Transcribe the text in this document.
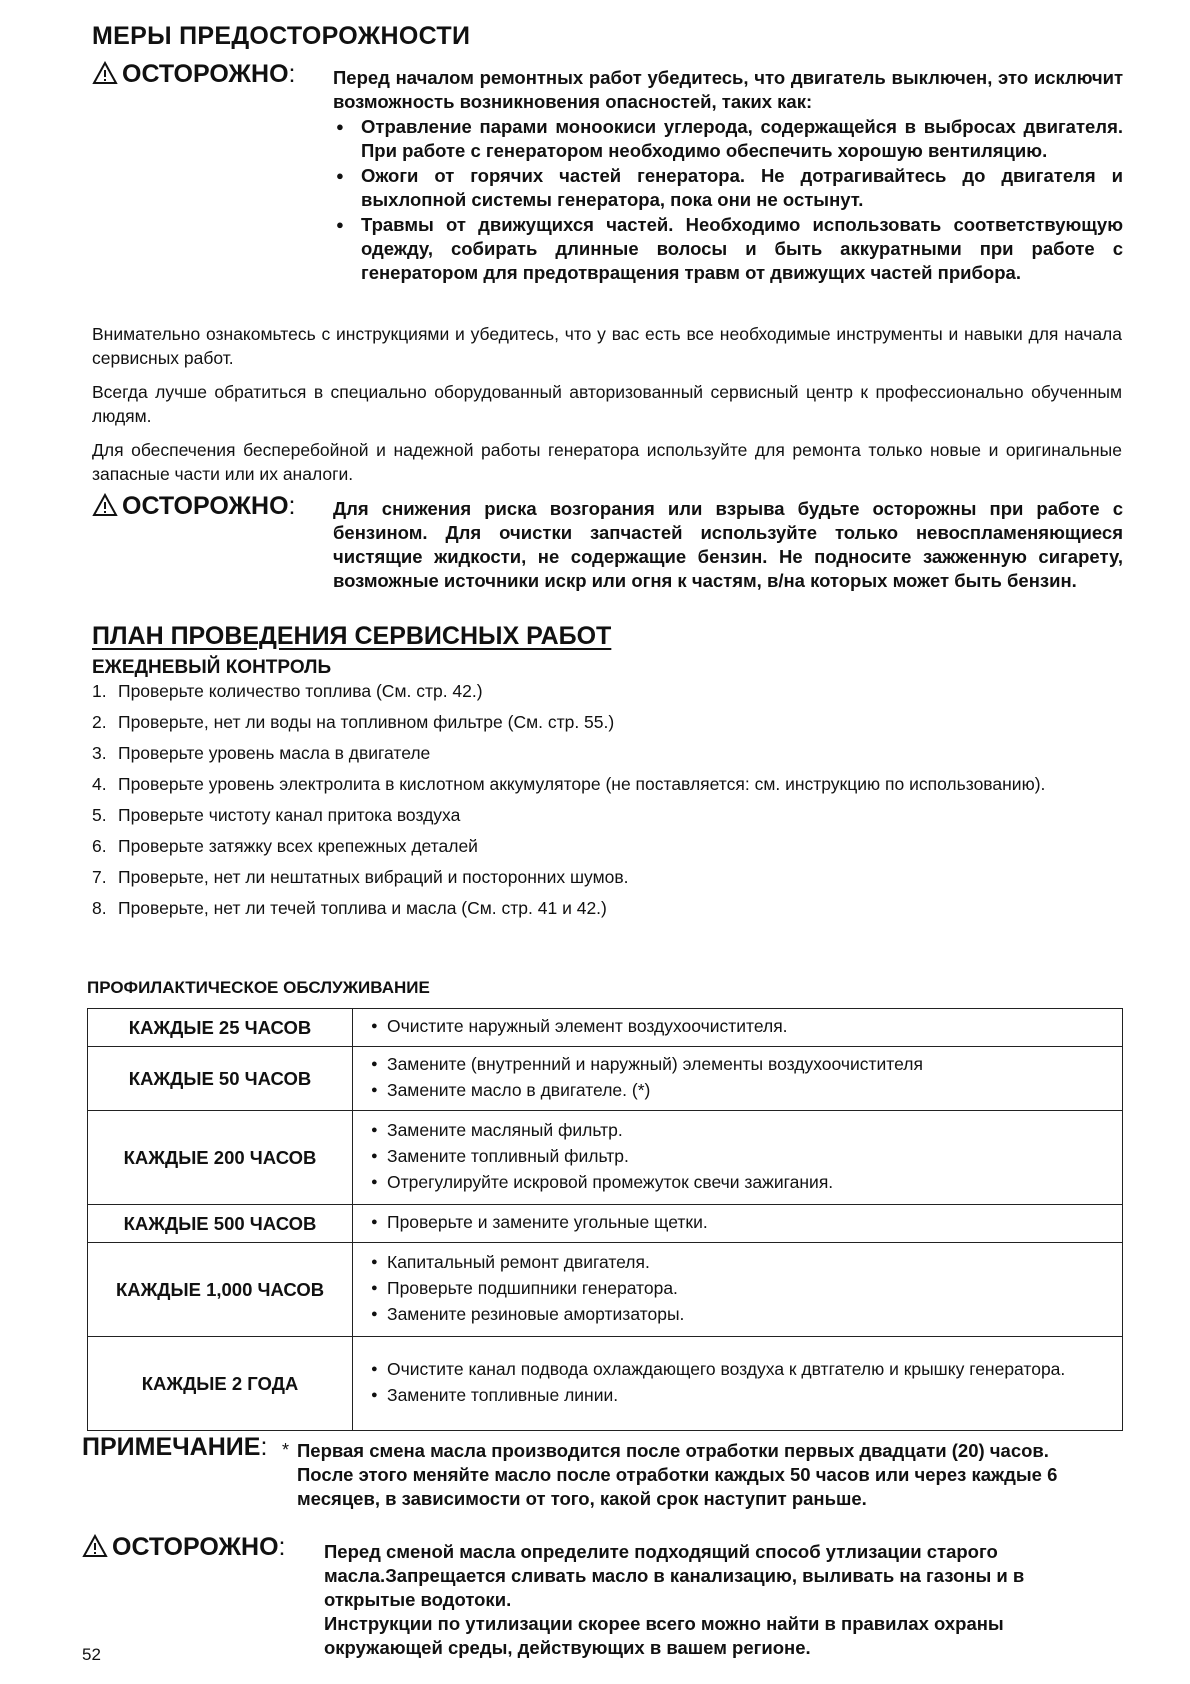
МЕРЫ ПРЕДОСТОРОЖНОСТИ
ОСТОРОЖНО: Перед началом ремонтных работ убедитесь, что двигатель выключен, это исключит возможность возникновения опасностей, таких как:
● Отравление парами моноокиси углерода, содержащейся в выбросах двигателя. При работе с генератором необходимо обеспечить хорошую вентиляцию.
● Ожоги от горячих частей генератора. Не дотрагивайтесь до двигателя и выхлопной системы генератора, пока они не остынут.
● Травмы от движущихся частей. Необходимо использовать соответствующую одежду, собирать длинные волосы и быть аккуратными при работе с генератором для предотвращения травм от движущих частей прибора.
Внимательно ознакомьтесь с инструкциями и убедитесь, что у вас есть все необходимые инструменты и навыки для начала сервисных работ.
Всегда лучше обратиться в специально оборудованный авторизованный сервисный центр к профессионально обученным людям.
Для обеспечения бесперебойной и надежной работы генератора используйте для ремонта только новые и оригинальные запасные части или их аналоги.
ОСТОРОЖНО: Для снижения риска возгорания или взрыва будьте осторожны при работе с бензином. Для очистки запчастей используйте только невоспламеняющиеся чистящие жидкости, не содержащие бензин. Не подносите зажженную сигарету, возможные источники искр или огня к частям, в/на которых может быть бензин.
ПЛАН ПРОВЕДЕНИЯ СЕРВИСНЫХ РАБОТ
ЕЖЕДНЕВЫЙ КОНТРОЛЬ
1. Проверьте количество топлива (См. стр. 42.)
2. Проверьте, нет ли воды на топливном фильтре (См. стр. 55.)
3. Проверьте уровень масла в двигателе
4. Проверьте уровень электролита в кислотном аккумуляторе (не поставляется: см. инструкцию по использованию).
5. Проверьте чистоту канал притока воздуха
6. Проверьте затяжку всех крепежных деталей
7. Проверьте, нет ли нештатных вибраций и посторонних шумов.
8. Проверьте, нет ли течей топлива и масла (См. стр. 41 и 42.)
ПРОФИЛАКТИЧЕСКОЕ ОБСЛУЖИВАНИЕ
КАЖДЫЕ 25 ЧАСОВ	● Очистите наружный элемент воздухоочистителя.

КАЖДЫЕ 50 ЧАСОВ	● Замените (внутренний и наружный) элементы воздухоочистителя
● Замените масло в двигателе. (*)

КАЖДЫЕ 200 ЧАСОВ	● Замените масляный фильтр.
● Замените топливный фильтр.
● Отрегулируйте искровой промежуток свечи зажигания.

КАЖДЫЕ 500 ЧАСОВ	● Проверьте и замените угольные щетки.

КАЖДЫЕ 1,000 ЧАСОВ	● Капитальный ремонт двигателя.
● Проверьте подшипники генератора.
● Замените резиновые амортизаторы.

КАЖДЫЕ 2 ГОДА	● Очистите канал подвода охлаждающего воздуха к двтгателю и крышку генератора.
● Замените топливные линии.
ПРИМЕЧАНИЕ: * Первая смена масла производится после отработки первых двадцати (20) часов.
После этого меняйте масло после отработки каждых 50 часов или через каждые 6 месяцев, в зависимости от того, какой срок наступит раньше.
ОСТОРОЖНО: Перед сменой масла определите подходящий способ утлизации старого масла.Запрещается сливать масло в канализацию, выливать на газоны и в открытые водотоки.
Инструкции по утилизации скорее всего можно найти в правилах охраны окружающей среды, действующих в вашем регионе.
52
